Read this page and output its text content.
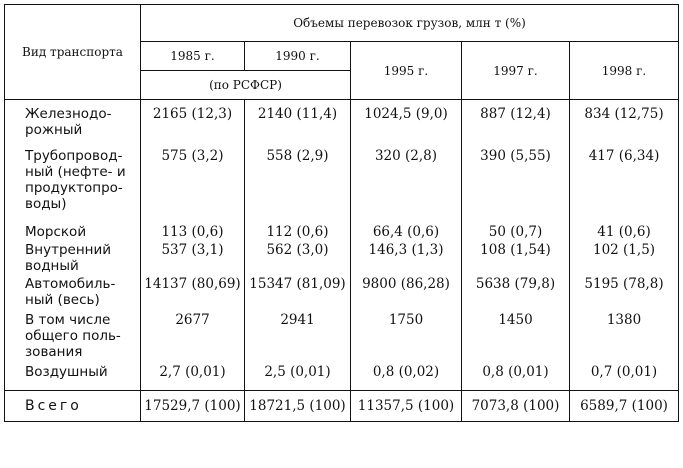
Вид транспорта	Объемы перевозок грузов, млн т (%)				
	1985 г.	1990 г.	1995 г.	1997 г.	1998 г.
	(по РСФСР)				
Железнодо-
рожный	2165 (12,3)	2140 (11,4)	1024,5 (9,0)	887 (12,4)	834 (12,75)
Трубопровод-
ный (нефте- и
продуктопро-
воды)	575 (3,2)	558 (2,9)	320 (2,8)	390 (5,55)	417 (6,34)
Морской	113 (0,6)	112 (0,6)	66,4 (0,6)	50 (0,7)	41 (0,6)
Внутренний
водный	537 (3,1)	562 (3,0)	146,3 (1,3)	108 (1,54)	102 (1,5)
Автомобиль-
ный (весь)	14137 (80,69)	15347 (81,09)	9800 (86,28)	5638 (79,8)	5195 (78,8)
В том числе
общего поль-
зования	2677	2941	1750	1450	1380
Воздушный	2,7 (0,01)	2,5 (0,01)	0,8 (0,02)	0,8 (0,01)	0,7 (0,01)
Всего	17529,7 (100)	18721,5 (100)	11357,5 (100)	7073,8 (100)	6589,7 (100)
